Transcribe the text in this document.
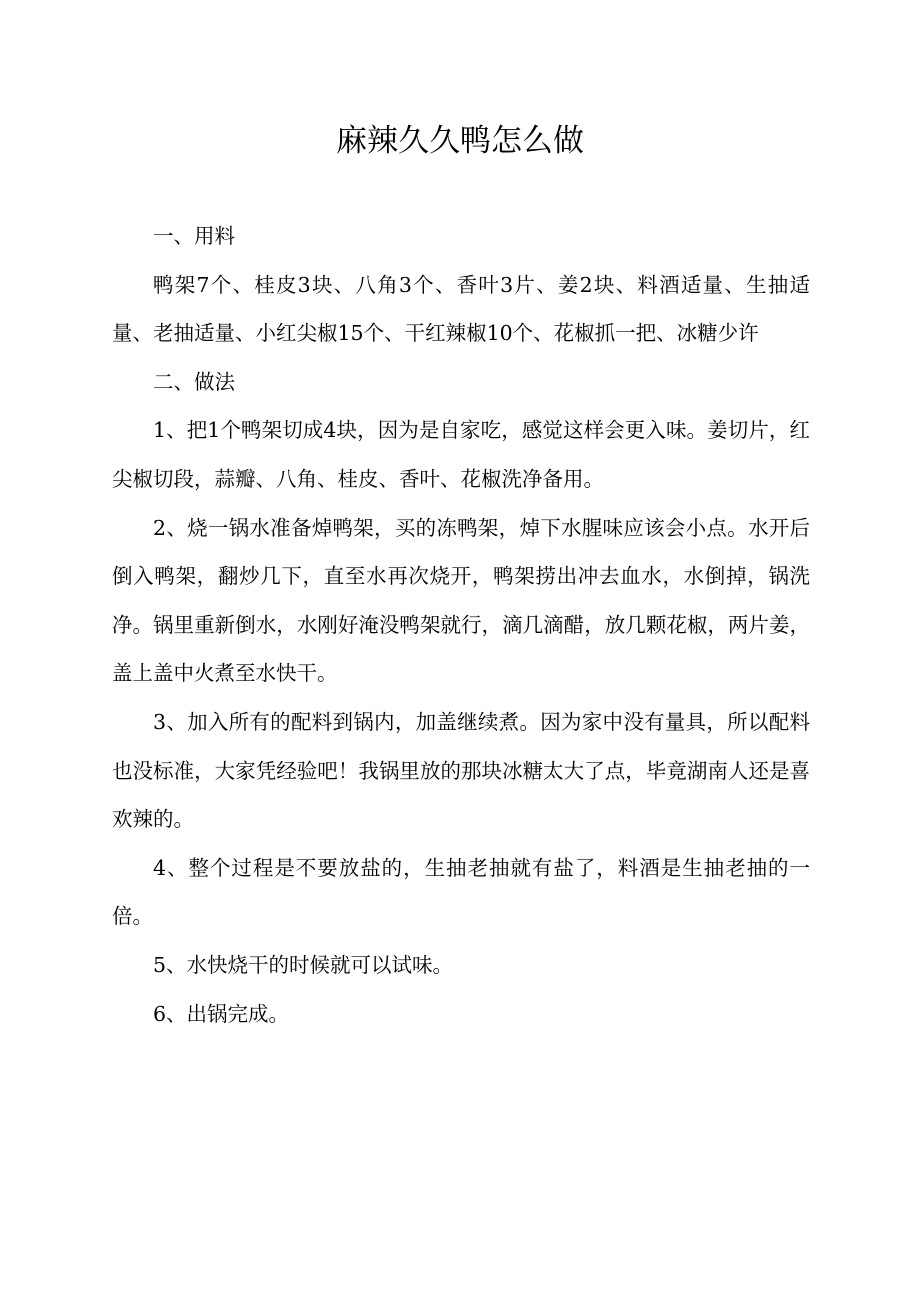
麻辣久久鸭怎么做

一、用料

鸭架7个、桂皮3块、八角3个、香叶3片、姜2块、料酒适量、生抽适量、老抽适量、小红尖椒15个、干红辣椒10个、花椒抓一把、冰糖少许

二、做法

1、把1个鸭架切成4块，因为是自家吃，感觉这样会更入味。姜切片，红尖椒切段，蒜瓣、八角、桂皮、香叶、花椒洗净备用。

2、烧一锅水准备焯鸭架，买的冻鸭架，焯下水腥味应该会小点。水开后倒入鸭架，翻炒几下，直至水再次烧开，鸭架捞出冲去血水，水倒掉，锅洗净。锅里重新倒水，水刚好淹没鸭架就行，滴几滴醋，放几颗花椒，两片姜，盖上盖中火煮至水快干。

3、加入所有的配料到锅内，加盖继续煮。因为家中没有量具，所以配料也没标准，大家凭经验吧！我锅里放的那块冰糖太大了点，毕竟湖南人还是喜欢辣的。

4、整个过程是不要放盐的，生抽老抽就有盐了，料酒是生抽老抽的一倍。

5、水快烧干的时候就可以试味。

6、出锅完成。
